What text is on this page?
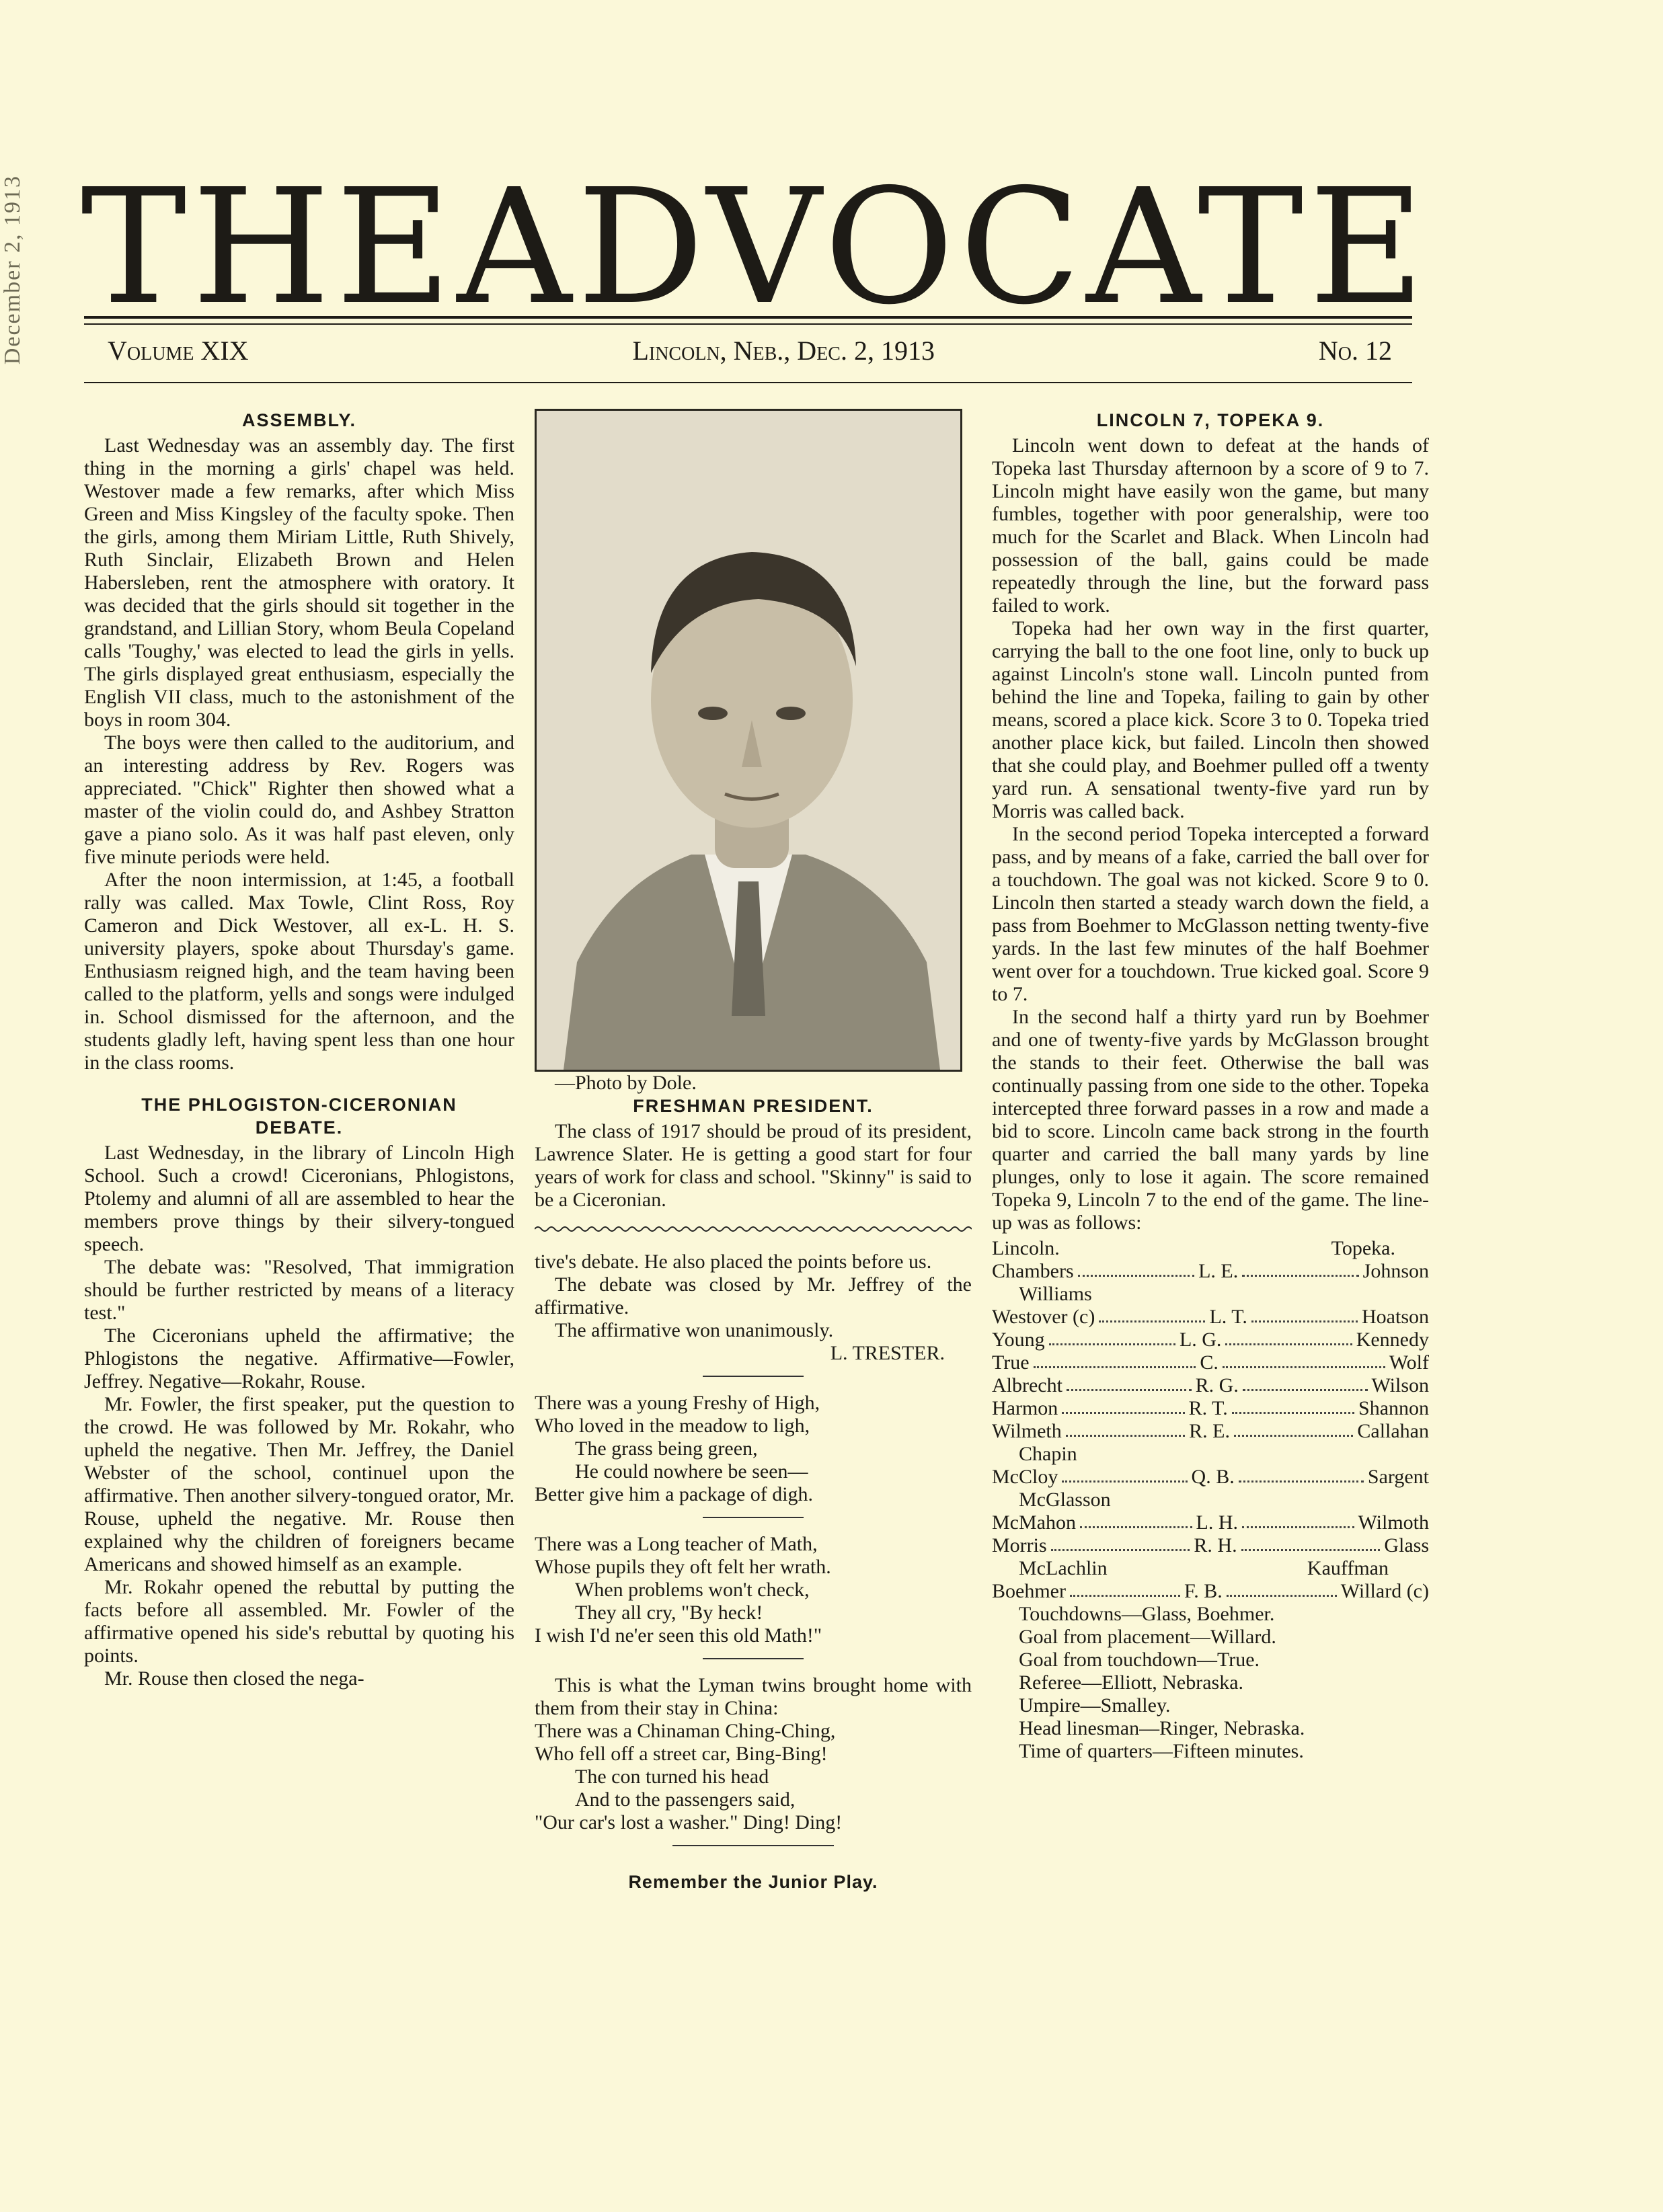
December 2, 1913 THE ADVOCATE
Volume XIX	Lincoln, Neb., Dec. 2, 1913	No. 12
ASSEMBLY.

Last Wednesday was an assembly day. The first thing in the morning a girls' chapel was held. Westover made a few remarks, after which Miss Green and Miss Kingsley of the faculty spoke. Then the girls, among them Miriam Little, Ruth Shively, Ruth Sinclair, Elizabeth Brown and Helen Habersleben, rent the atmosphere with oratory. It was decided that the girls should sit together in the grandstand, and Lillian Story, whom Beula Copeland calls 'Toughy,' was elected to lead the girls in yells. The girls displayed great enthusiasm, especially the English VII class, much to the astonishment of the boys in room 304.

The boys were then called to the auditorium, and an interesting address by Rev. Rogers was appreciated. "Chick" Righter then showed what a master of the violin could do, and Ashbey Stratton gave a piano solo. As it was half past eleven, only five minute periods were held.

After the noon intermission, at 1:45, a football rally was called. Max Towle, Clint Ross, Roy Cameron and Dick Westover, all ex-L. H. S. university players, spoke about Thursday's game. Enthusiasm reigned high, and the team having been called to the platform, yells and songs were indulged in. School dismissed for the afternoon, and the students gladly left, having spent less than one hour in the class rooms.

THE PHLOGISTON-CICERONIAN
DEBATE.

Last Wednesday, in the library of Lincoln High School. Such a crowd! Ciceronians, Phlogistons, Ptolemy and alumni of all are assembled to hear the members prove things by their silvery-tongued speech.

The debate was: "Resolved, That immigration should be further restricted by means of a literacy test."

The Ciceronians upheld the affirmative; the Phlogistons the negative. Affirmative—Fowler, Jeffrey. Negative—Rokahr, Rouse.

Mr. Fowler, the first speaker, put the question to the crowd. He was followed by Mr. Rokahr, who upheld the negative. Then Mr. Jeffrey, the Daniel Webster of the school, continuel upon the affirmative. Then another silvery-tongued orator, Mr. Rouse, upheld the negative. Mr. Rouse then explained why the children of foreigners became Americans and showed himself as an example.

Mr. Rokahr opened the rebuttal by putting the facts before all assembled. Mr. Fowler of the affirmative opened his side's rebuttal by quoting his points.

Mr. Rouse then closed the nega-

—Photo by Dole.

FRESHMAN PRESIDENT.

The class of 1917 should be proud of its president, Lawrence Slater. He is getting a good start for four years of work for class and school. "Skinny" is said to be a Ciceronian.

tive's debate. He also placed the points before us.

The debate was closed by Mr. Jeffrey of the affirmative.

The affirmative won unanimously.

L. TRESTER.

There was a young Freshy of High,
Who loved in the meadow to ligh,
The grass being green,
He could nowhere be seen—
Better give him a package of digh.
There was a Long teacher of Math,
Whose pupils they oft felt her wrath.
When problems won't check,
They all cry, "By heck!
I wish I'd ne'er seen this old Math!"

This is what the Lyman twins brought home with them from their stay in China:

There was a Chinaman Ching-Ching,
Who fell off a street car, Bing-Bing!
The con turned his head
And to the passengers said,
"Our car's lost a washer." Ding! Ding!
Remember the Junior Play.
LINCOLN 7, TOPEKA 9.

Lincoln went down to defeat at the hands of Topeka last Thursday afternoon by a score of 9 to 7. Lincoln might have easily won the game, but many fumbles, together with poor generalship, were too much for the Scarlet and Black. When Lincoln had possession of the ball, gains could be made repeatedly through the line, but the forward pass failed to work.

Topeka had her own way in the first quarter, carrying the ball to the one foot line, only to buck up against Lincoln's stone wall. Lincoln punted from behind the line and Topeka, failing to gain by other means, scored a place kick. Score 3 to 0. Topeka tried another place kick, but failed. Lincoln then showed that she could play, and Boehmer pulled off a twenty yard run. A sensational twenty-five yard run by Morris was called back.

In the second period Topeka intercepted a forward pass, and by means of a fake, carried the ball over for a touchdown. The goal was not kicked. Score 9 to 0. Lincoln then started a steady warch down the field, a pass from Boehmer to McGlasson netting twenty-five yards. In the last few minutes of the half Boehmer went over for a touchdown. True kicked goal. Score 9 to 7.

In the second half a thirty yard run by Boehmer and one of twenty-five yards by McGlasson brought the stands to their feet. Otherwise the ball was continually passing from one side to the other. Topeka intercepted three forward passes in a row and made a bid to score. Lincoln came back strong in the fourth quarter and carried the ball many yards by line plunges, only to lose it again. The score remained Topeka 9, Lincoln 7 to the end of the game. The line-up was as follows:

Lincoln.	Topeka.
Chambers	L. E.	Johnson
Williams
Westover (c)	L. T.	Hoatson
Young	L. G.	Kennedy
True	C.	Wolf
Albrecht	R. G.	Wilson
Harmon	R. T.	Shannon
Wilmeth	R. E.	Callahan
Chapin
McCloy	Q. B.	Sargent
McGlasson
McMahon	L. H.	Wilmoth
Morris	R. H.	Glass
McLachlin	Kauffman
Boehmer	F. B.	Willard (c)
Touchdowns—Glass, Boehmer.
Goal from placement—Willard.
Goal from touchdown—True.
Referee—Elliott, Nebraska.
Umpire—Smalley.
Head linesman—Ringer, Nebraska.
Time of quarters—Fifteen minutes.
